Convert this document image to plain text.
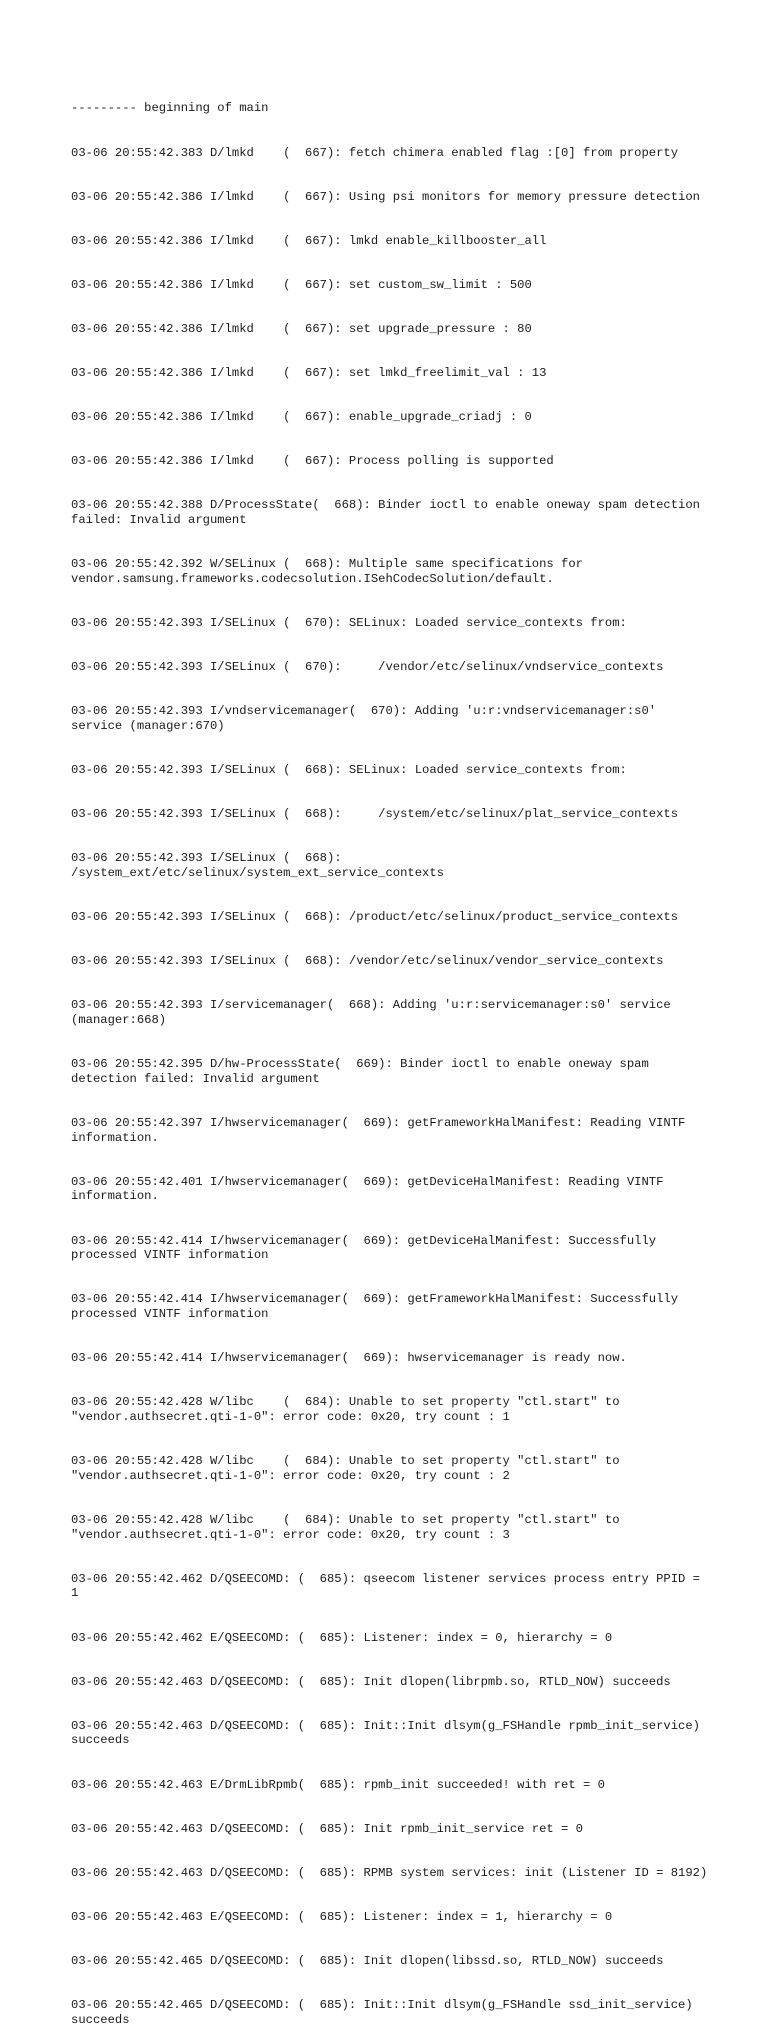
--------- beginning of main

03-06 20:55:42.383 D/lmkd    (  667): fetch chimera enabled flag :[0] from property

03-06 20:55:42.386 I/lmkd    (  667): Using psi monitors for memory pressure detection

03-06 20:55:42.386 I/lmkd    (  667): lmkd enable_killbooster_all

03-06 20:55:42.386 I/lmkd    (  667): set custom_sw_limit : 500

03-06 20:55:42.386 I/lmkd    (  667): set upgrade_pressure : 80

03-06 20:55:42.386 I/lmkd    (  667): set lmkd_freelimit_val : 13

03-06 20:55:42.386 I/lmkd    (  667): enable_upgrade_criadj : 0

03-06 20:55:42.386 I/lmkd    (  667): Process polling is supported

03-06 20:55:42.388 D/ProcessState(  668): Binder ioctl to enable oneway spam detection failed: Invalid argument

03-06 20:55:42.392 W/SELinux (  668): Multiple same specifications for vendor.samsung.frameworks.codecsolution.ISehCodecSolution/default.

03-06 20:55:42.393 I/SELinux (  670): SELinux: Loaded service_contexts from:

03-06 20:55:42.393 I/SELinux (  670):     /vendor/etc/selinux/vndservice_contexts

03-06 20:55:42.393 I/vndservicemanager(  670): Adding 'u:r:vndservicemanager:s0' service (manager:670)

03-06 20:55:42.393 I/SELinux (  668): SELinux: Loaded service_contexts from:

03-06 20:55:42.393 I/SELinux (  668):     /system/etc/selinux/plat_service_contexts

03-06 20:55:42.393 I/SELinux (  668): /system_ext/etc/selinux/system_ext_service_contexts

03-06 20:55:42.393 I/SELinux (  668): /product/etc/selinux/product_service_contexts

03-06 20:55:42.393 I/SELinux (  668): /vendor/etc/selinux/vendor_service_contexts

03-06 20:55:42.393 I/servicemanager(  668): Adding 'u:r:servicemanager:s0' service (manager:668)

03-06 20:55:42.395 D/hw-ProcessState(  669): Binder ioctl to enable oneway spam detection failed: Invalid argument

03-06 20:55:42.397 I/hwservicemanager(  669): getFrameworkHalManifest: Reading VINTF information.

03-06 20:55:42.401 I/hwservicemanager(  669): getDeviceHalManifest: Reading VINTF information.

03-06 20:55:42.414 I/hwservicemanager(  669): getDeviceHalManifest: Successfully processed VINTF information

03-06 20:55:42.414 I/hwservicemanager(  669): getFrameworkHalManifest: Successfully processed VINTF information

03-06 20:55:42.414 I/hwservicemanager(  669): hwservicemanager is ready now.

03-06 20:55:42.428 W/libc    (  684): Unable to set property "ctl.start" to "vendor.authsecret.qti-1-0": error code: 0x20, try count : 1

03-06 20:55:42.428 W/libc    (  684): Unable to set property "ctl.start" to "vendor.authsecret.qti-1-0": error code: 0x20, try count : 2

03-06 20:55:42.428 W/libc    (  684): Unable to set property "ctl.start" to "vendor.authsecret.qti-1-0": error code: 0x20, try count : 3

03-06 20:55:42.462 D/QSEECOMD: (  685): qseecom listener services process entry PPID = 1

03-06 20:55:42.462 E/QSEECOMD: (  685): Listener: index = 0, hierarchy = 0

03-06 20:55:42.463 D/QSEECOMD: (  685): Init dlopen(librpmb.so, RTLD_NOW) succeeds

03-06 20:55:42.463 D/QSEECOMD: (  685): Init::Init dlsym(g_FSHandle rpmb_init_service) succeeds

03-06 20:55:42.463 E/DrmLibRpmb(  685): rpmb_init succeeded! with ret = 0

03-06 20:55:42.463 D/QSEECOMD: (  685): Init rpmb_init_service ret = 0

03-06 20:55:42.463 D/QSEECOMD: (  685): RPMB system services: init (Listener ID = 8192)

03-06 20:55:42.463 E/QSEECOMD: (  685): Listener: index = 1, hierarchy = 0

03-06 20:55:42.465 D/QSEECOMD: (  685): Init dlopen(libssd.so, RTLD_NOW) succeeds

03-06 20:55:42.465 D/QSEECOMD: (  685): Init::Init dlsym(g_FSHandle ssd_init_service) succeeds
